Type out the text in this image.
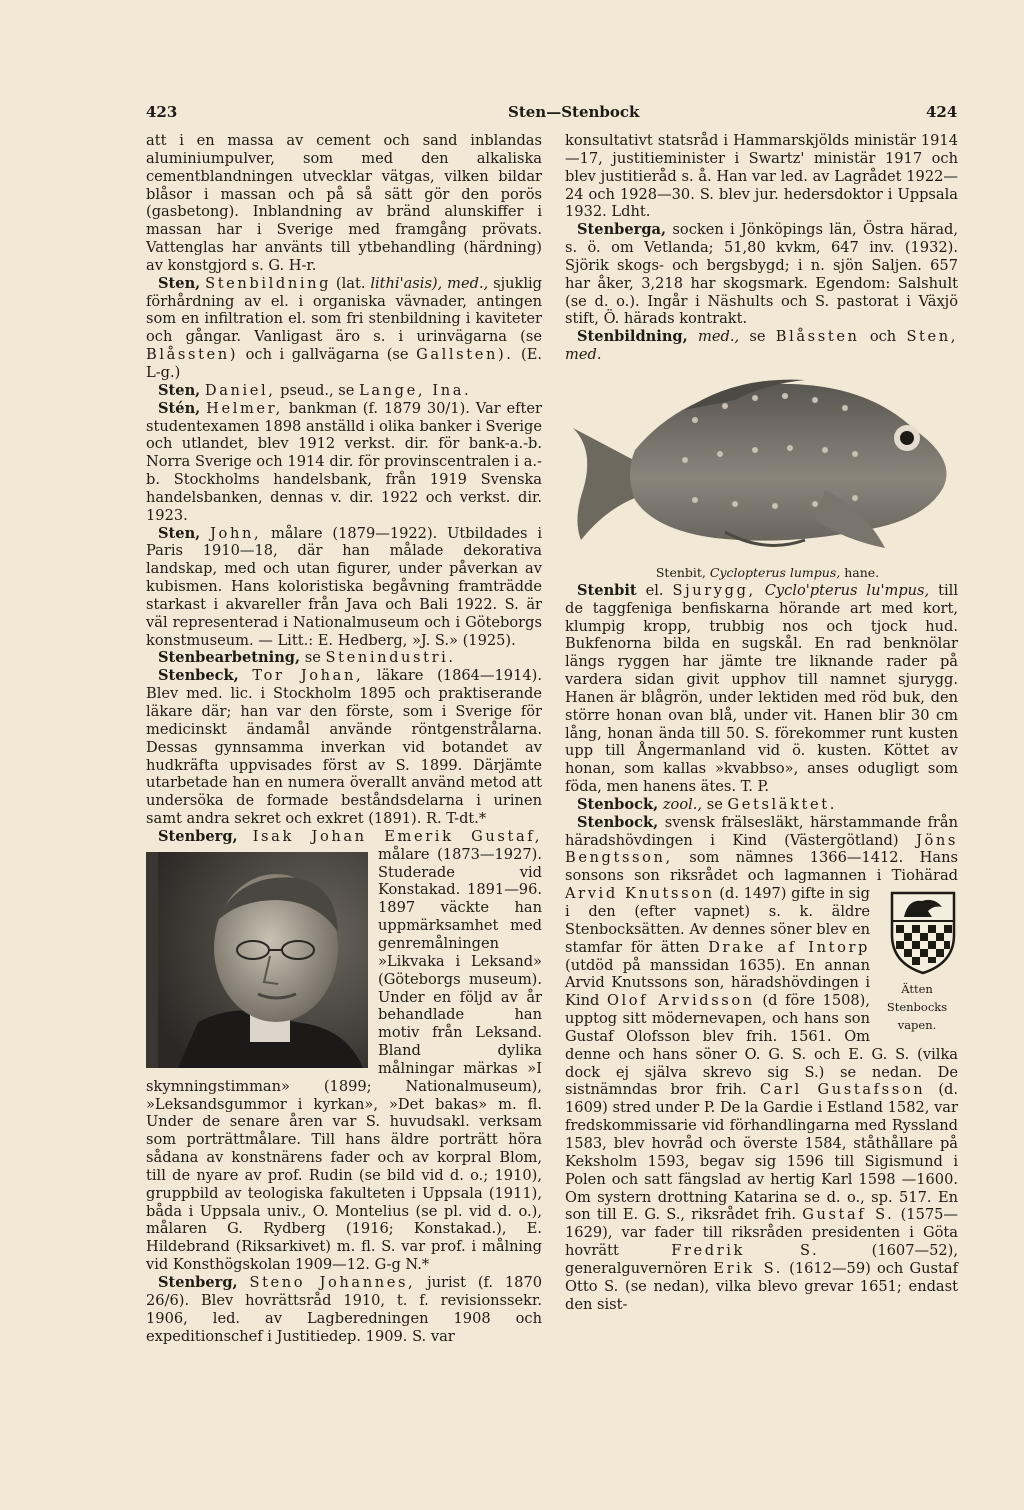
423	Sten—Stenbock	424

att i en massa av cement och sand inblandas aluminiumpulver, som med den alkaliska cementblandningen utvecklar vätgas, vilken bildar blåsor i massan och på så sätt gör den porös (gasbetong). Inblandning av bränd alunskiffer i massan har i Sverige med framgång prövats. Vattenglas har använts till ytbehandling (härdning) av konstgjord s. G. H-r.

Sten, Stenbildning (lat. lithi'asis), med., sjuklig förhårdning av el. i organiska vävnader, antingen som en infiltration el. som fri stenbildning i kaviteter och gångar. Vanligast äro s. i urinvägarna (se Blåssten) och i gallvägarna (se Gallsten). (E. L-g.)

Sten, Daniel, pseud., se Lange, Ina.

Stén, Helmer, bankman (f. 1879 30/1). Var efter studentexamen 1898 anställd i olika banker i Sverige och utlandet, blev 1912 verkst. dir. för bank-a.-b. Norra Sverige och 1914 dir. för provinscentralen i a.-b. Stockholms handelsbank, från 1919 Svenska handelsbanken, dennas v. dir. 1922 och verkst. dir. 1923.

Sten, John, målare (1879—1922). Utbildades i Paris 1910—18, där han målade dekorativa landskap, med och utan figurer, under påverkan av kubismen. Hans koloristiska begåvning framträdde starkast i akvareller från Java och Bali 1922. S. är väl representerad i Nationalmuseum och i Göteborgs konstmuseum. — Litt.: E. Hedberg, »J. S.» (1925).

Stenbearbetning, se Stenindustri.

Stenbeck, Tor Johan, läkare (1864—1914). Blev med. lic. i Stockholm 1895 och praktiserande läkare där; han var den förste, som i Sverige för medicinskt ändamål använde röntgenstrålarna. Dessas gynnsamma inverkan vid botandet av hudkräfta uppvisades först av S. 1899. Därjämte utarbetade han en numera överallt använd metod att undersöka de formade beståndsdelarna i urinen samt andra sekret och exkret (1891). R. T-dt.*

Stenberg, Isak Johan Emerik Gustaf,
målare (1873—1927). Studerade vid Konstakad. 1891—96. 1897 väckte han uppmärksamhet med genremålningen »Likvaka i Leksand» (Göteborgs museum). Under en följd av år behandlade han motiv från Leksand. Bland dylika målningar märkas »I skymningstimman» (1899; Nationalmuseum), »Leksandsgummor i kyrkan», »Det bakas» m. fl. Under de senare åren var S. huvudsakl. verksam som porträttmålare. Till hans äldre porträtt höra sådana av konstnärens fader och av korpral Blom, till de nyare av prof. Rudin (se bild vid d. o.; 1910), gruppbild av teologiska fakulteten i Uppsala (1911), båda i Uppsala univ., O. Montelius (se pl. vid d. o.), målaren G. Rydberg (1916; Konstakad.), E. Hildebrand (Riksarkivet) m. fl. S. var prof. i målning vid Konsthögskolan 1909—12. G-g N.*

Stenberg, Steno Johannes, jurist (f. 1870 26/6). Blev hovrättsråd 1910, t. f. revisionssekr. 1906, led. av Lagberedningen 1908 och expeditionschef i Justitiedep. 1909. S. var

konsultativt statsråd i Hammarskjölds ministär 1914—17, justitieminister i Swartz' ministär 1917 och blev justitieråd s. å. Han var led. av Lagrådet 1922—24 och 1928—30. S. blev jur. hedersdoktor i Uppsala 1932. Ldht.

Stenberga, socken i Jönköpings län, Östra härad, s. ö. om Vetlanda; 51,80 kvkm, 647 inv. (1932). Sjörik skogs- och bergsbygd; i n. sjön Saljen. 657 har åker, 3,218 har skogsmark. Egendom: Salshult (se d. o.). Ingår i Näshults och S. pastorat i Växjö stift, Ö. härads kontrakt.

Stenbildning, med., se Blåssten och Sten, med.

Stenbit, Cyclopterus lumpus, hane.

Stenbit el. Sjurygg, Cyclo'pterus lu'mpus, till de taggfeniga benfiskarna hörande art med kort, klumpig kropp, trubbig nos och tjock hud. Bukfenorna bilda en sugskål. En rad benknölar längs ryggen har jämte tre liknande rader på vardera sidan givit upphov till namnet sjurygg. Hanen är blågrön, under lektiden med röd buk, den större honan ovan blå, under vit. Hanen blir 30 cm lång, honan ända till 50. S. förekommer runt kusten upp till Ångermanland vid ö. kusten. Köttet av honan, som kallas »kvabbso», anses odugligt som föda, men hanens ätes. T. P.

Stenbock, zool., se Getsläktet.

Stenbock, svensk frälsesläkt, härstammande från häradshövdingen i Kind (Västergötland) Jöns Bengtsson, som nämnes 1366—1412. Hans sonsons son riksrådet och lagmannen i Tiohärad Arvid Knutsson
Ätten Stenbocks vapen.
(d. 1497) gifte in sig i den (efter vapnet) s. k. äldre Stenbocksätten. Av dennes söner blev en stamfar för ätten Drake af Intorp (utdöd på manssidan 1635). En annan Arvid Knutssons son, häradshövdingen i Kind Olof Arvidsson (d före 1508), upptog sitt mödernevapen, och hans son Gustaf Olofsson blev frih. 1561. Om denne och hans söner O. G. S. och E. G. S. (vilka dock ej själva skrevo sig S.) se nedan. De sistnämndas bror frih. Carl Gustafsson (d. 1609) stred under P. De la Gardie i Estland 1582, var fredskommissarie vid förhandlingarna med Ryssland 1583, blev hovråd och överste 1584, ståthållare på Keksholm 1593, begav sig 1596 till Sigismund i Polen och satt fängslad av hertig Karl 1598 —1600. Om systern drottning Katarina se d. o., sp. 517. En son till E. G. S., riksrådet frih. Gustaf S. (1575—1629), var fader till riksråden presidenten i Göta hovrätt	Fredrik S.	(1607—52), generalguvernören Erik S. (1612—59) och Gustaf Otto S. (se nedan), vilka blevo grevar 1651; endast den sist-
